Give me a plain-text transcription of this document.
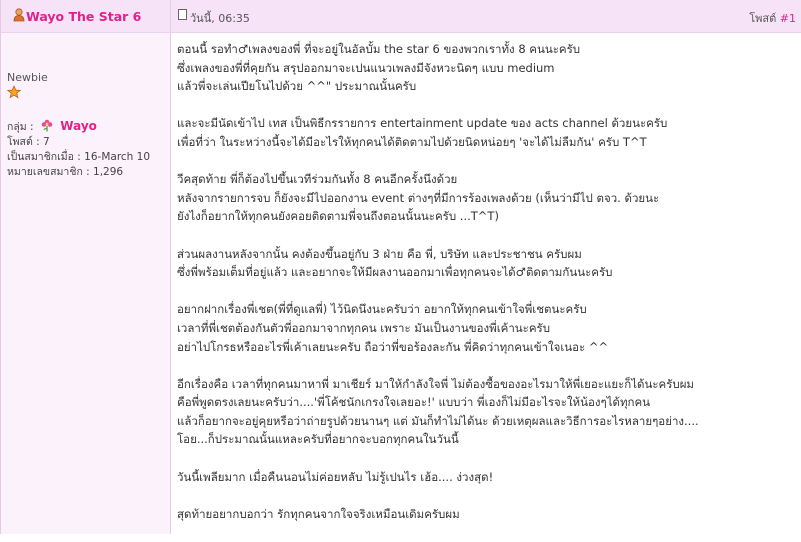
Wayo The Star 6	วันนี้, 06:35	โพสต์ #1
Newbie
กลุ่ม : Wayo
โพสต์ : 7
เป็นสมาชิกเมื่อ : 16-March 10
หมายเลขสมาชิก : 1,296

ตอนนี้ รอทำ♂เพลงของพี่ ที่จะอยู่ในอัลบั้ม the star 6 ของพวกเราทั้ง 8 คนนะครับ
ซึ่งเพลงของพี่ที่คุยกัน สรุปออกมาจะเปนแนวเพลงมีจังหวะนิดๆ แบบ medium
แล้วพี่จะเล่นเปียโนไปด้วย ^^" ประมาณนั้นครับ

และจะมีนัดเข้าไป เทส เป็นพิธีกรรายการ entertainment update ของ acts channel ด้วยนะครับ
เพื่อที่ว่า ในระหว่างนี้จะได้มีอะไรให้ทุกคนได้ติดตามไปด้วยนิดหน่อยๆ 'จะได้ไม่ลืมกัน' ครับ T^T

วีคสุดท้าย พี่ก็ต้องไปขึ้นเวทีร่วมกันทั้ง 8 คนอีกครั้งนึงด้วย
หลังจากรายการจบ ก็ยังจะมีไปออกงาน event ต่างๆที่มีการร้องเพลงด้วย (เห็นว่ามีไป ตจว. ด้วยนะ
ยังไงก็อยากให้ทุกคนยังคอยติดตามพี่จนถึงตอนนั้นนะครับ ...T^T)

ส่วนผลงานหลังจากนั้น คงต้องขึ้นอยู่กับ 3 ฝ่าย คือ พี่, บริษัท และประชาชน ครับผม
ซึ่งพี่พร้อมเต็มที่อยู่แล้ว และอยากจะให้มีผลงานออกมาเพื่อทุกคนจะได้♂ติดตามกันนะครับ

อยากฝากเรื่องพี่เชต(พี่ที่ดูแลพี่) ไว้นิดนึงนะครับว่า อยากให้ทุกคนเข้าใจพี่เชตนะครับ
เวลาที่พี่เชตต้องกันตัวพี่ออกมาจากทุกคน เพราะ มันเป็นงานของพี่เค้านะครับ
อย่าไปโกรธหรืออะไรพี่เค้าเลยนะครับ ถือว่าพี่ขอร้องละกัน พี่คิดว่าทุกคนเข้าใจเนอะ ^^

อีกเรื่องคือ เวลาที่ทุกคนมาหาพี่ มาเชียร์ มาให้กำลังใจพี่ ไม่ต้องซื้อของอะไรมาให้พี่เยอะแยะก็ได้นะครับผม
คือพี่พูดตรงเลยนะครับว่า....'พี่โค้ชนักเกรงใจเลยอะ!' แบบว่า พี่เองก็ไม่มีอะไรจะให้น้องๆได้ทุกคน
แล้วก็อยากจะอยู่คุยหรือว่าถ่ายรูปด้วยนานๆ แต่ มันก็ทำไม่ได้นะ ด้วยเหตุผลและวิธีการอะไรหลายๆอย่าง....
โอย...ก็ประมาณนั้นแหละครับที่อยากจะบอกทุกคนในวันนี้

วันนี้เพลียมาก เมื่อคืนนอนไม่ค่อยหลับ ไม่รู้เปนไร เฮ้อ.... ง่วงสุด!

สุดท้ายอยากบอกว่า รักทุกคนจากใจจริงเหมือนเดิมครับผม
